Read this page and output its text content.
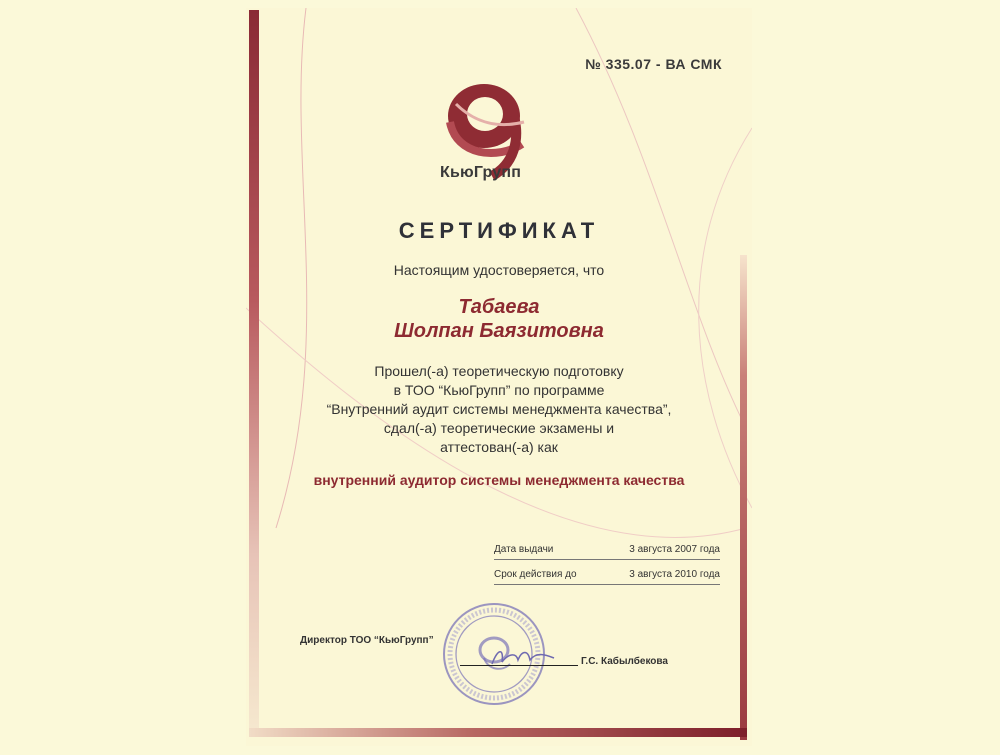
№ 335.07 - ВА СМК
КьюГрупп
СЕРТИФИКАТ
Настоящим удостоверяется, что
Табаева
Шолпан Баязитовна
Прошел(-а) теоретическую подготовку
в ТОО “КьюГрупп” по программе
“Внутренний аудит системы менеджмента качества”,
сдал(-а) теоретические экзамены и
аттестован(-а) как
внутренний аудитор системы менеджмента качества
Дата выдачи	3 августа 2007 года
Срок действия до	3 августа 2010 года
Директор ТОО “КьюГрупп”
Г.С. Кабылбекова
